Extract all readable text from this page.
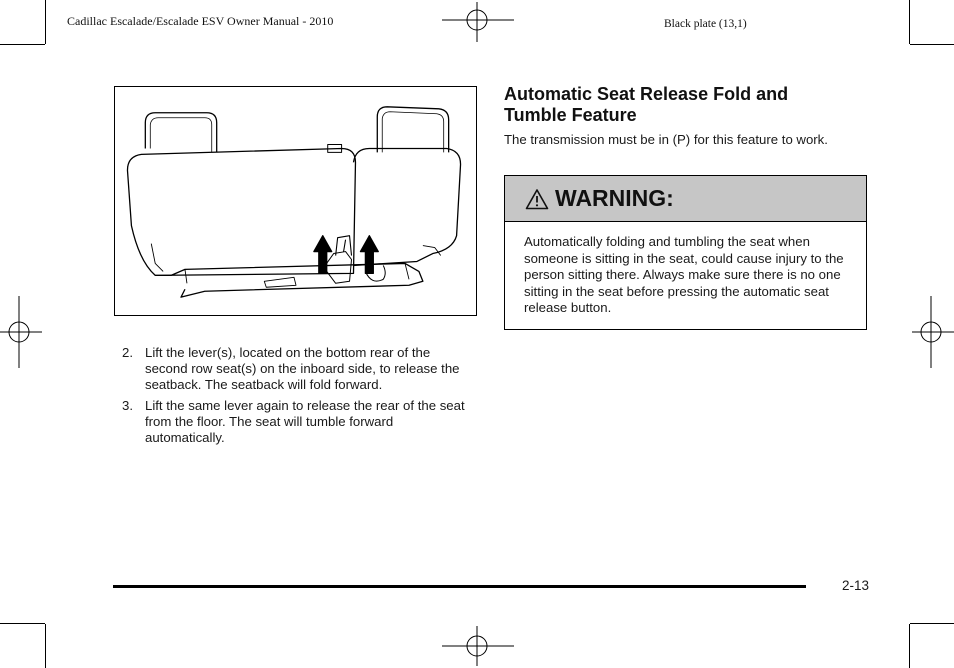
Cadillac Escalade/Escalade ESV Owner Manual - 2010	Black plate (13,1)
2. Lift the lever(s), located on the bottom rear of the second row seat(s) on the inboard side, to release the seatback. The seatback will fold forward.
3. Lift the same lever again to release the rear of the seat from the floor. The seat will tumble forward automatically.
Automatic Seat Release Fold and Tumble Feature
The transmission must be in (P) for this feature to work.
WARNING:
Automatically folding and tumbling the seat when someone is sitting in the seat, could cause injury to the person sitting there. Always make sure there is no one sitting in the seat before pressing the automatic seat release button.
2-13
